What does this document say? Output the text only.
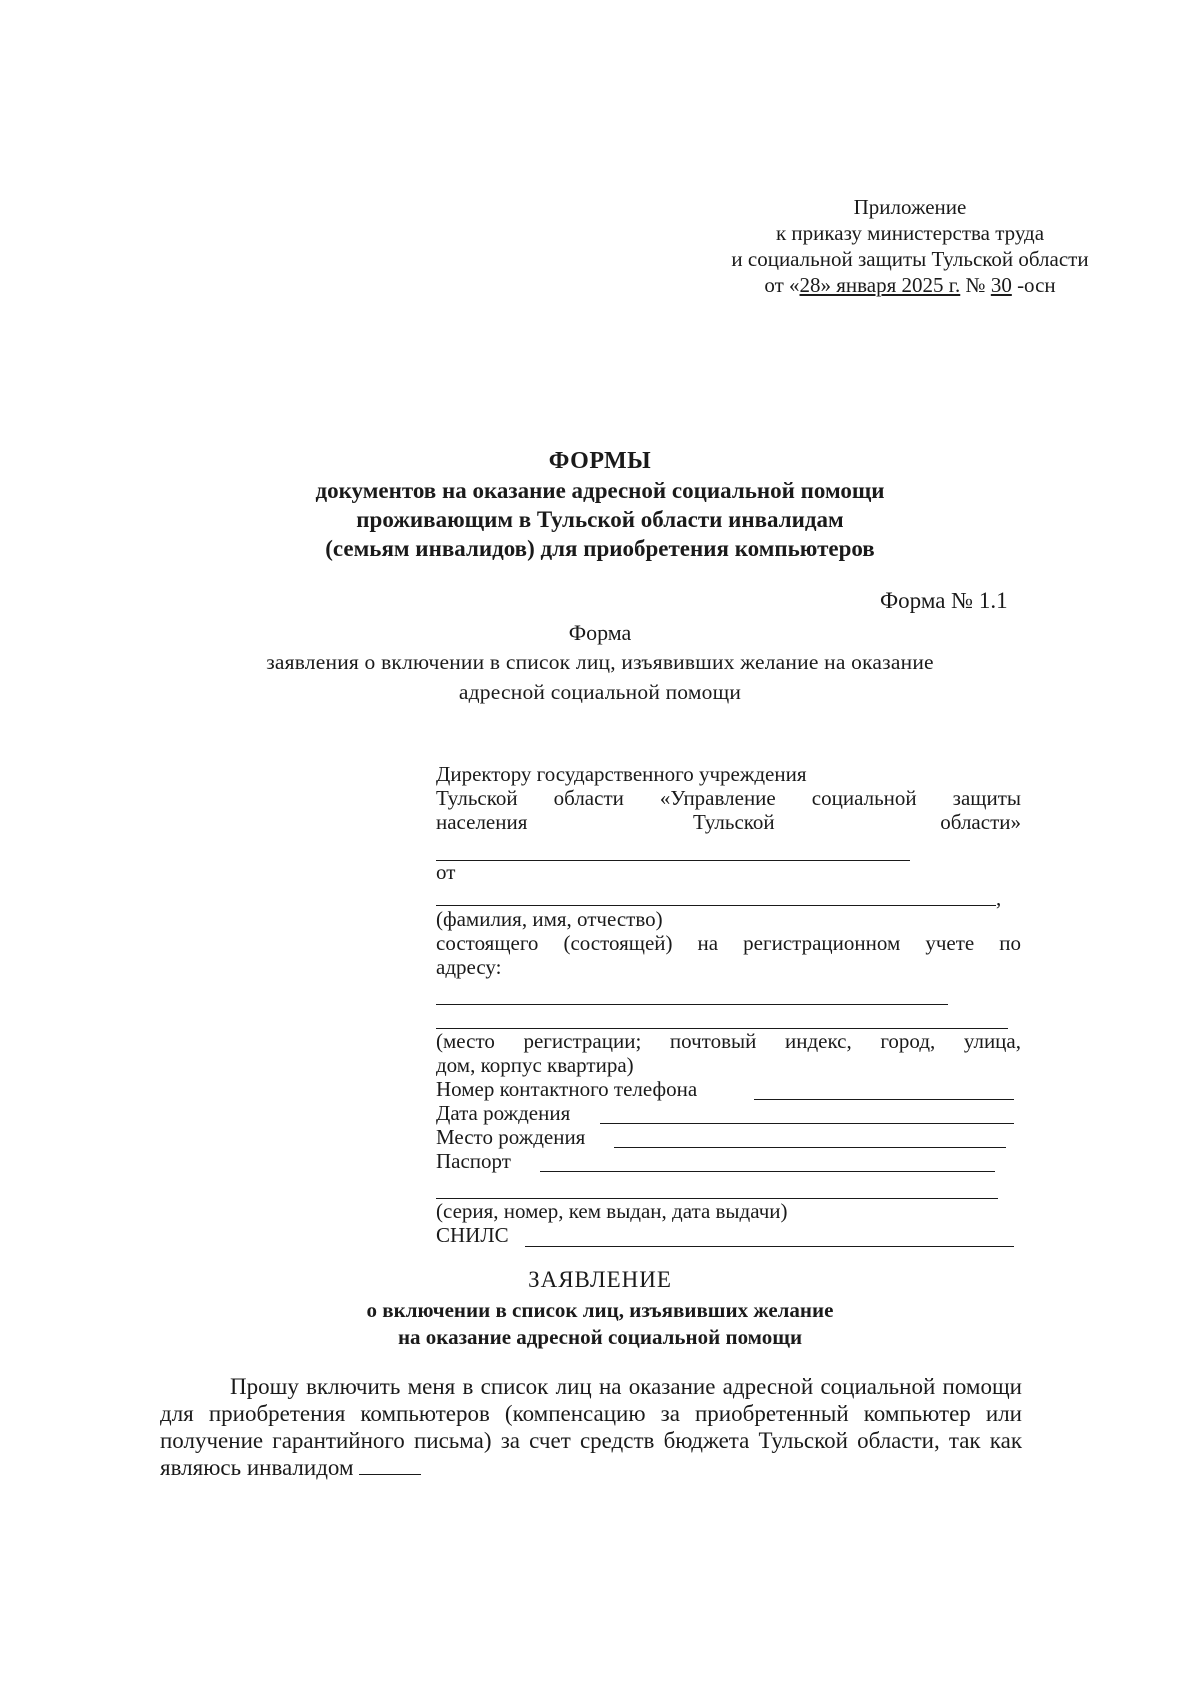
Приложение
к приказу министерства труда
и социальной защиты Тульской области
от «28» января 2025 г. № 30 -осн
ФОРМЫ
документов на оказание адресной социальной помощи
проживающим в Тульской области инвалидам
(семьям инвалидов) для приобретения компьютеров
Форма № 1.1
Форма
заявления о включении в список лиц, изъявивших желание на оказание
адресной социальной помощи
Директору государственного учреждения
Тульской области «Управление социальной защиты
населения	Тульской	области»
от
,
(фамилия, имя, отчество)
состоящего (состоящей) на регистрационном учете по
адресу:
(место регистрации; почтовый индекс, город, улица,
дом, корпус квартира)
Номер контактного телефона
Дата рождения
Место рождения
Паспорт
(серия, номер, кем выдан, дата выдачи)
СНИЛС
ЗАЯВЛЕНИЕ
о включении в список лиц, изъявивших желание
на оказание адресной социальной помощи
Прошу включить меня в список лиц на оказание адресной социальной помощи для приобретения компьютеров (компенсацию за приобретенный компьютер или получение гарантийного письма) за счет средств бюджета Тульской области, так как являюсь инвалидом
